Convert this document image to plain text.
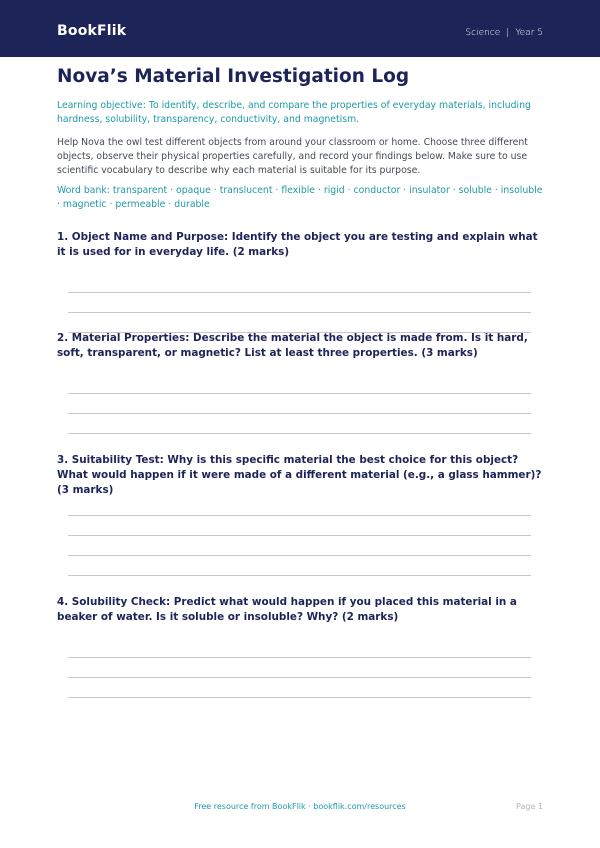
BookFlik	Science | Year 5
Nova’s Material Investigation Log
Learning objective: To identify, describe, and compare the properties of everyday materials, including hardness, solubility, transparency, conductivity, and magnetism.
Help Nova the owl test different objects from around your classroom or home. Choose three different objects, observe their physical properties carefully, and record your findings below. Make sure to use scientific vocabulary to describe why each material is suitable for its purpose.
Word bank: transparent · opaque · translucent · flexible · rigid · conductor · insulator · soluble · insoluble · magnetic · permeable · durable
1. Object Name and Purpose: Identify the object you are testing and explain what it is used for in everyday life. (2 marks)
2. Material Properties: Describe the material the object is made from. Is it hard, soft, transparent, or magnetic? List at least three properties. (3 marks)
3. Suitability Test: Why is this specific material the best choice for this object? What would happen if it were made of a different material (e.g., a glass hammer)? (3 marks)
4. Solubility Check: Predict what would happen if you placed this material in a beaker of water. Is it soluble or insoluble? Why? (2 marks)
Free resource from BookFlik · bookflik.com/resources	Page 1
